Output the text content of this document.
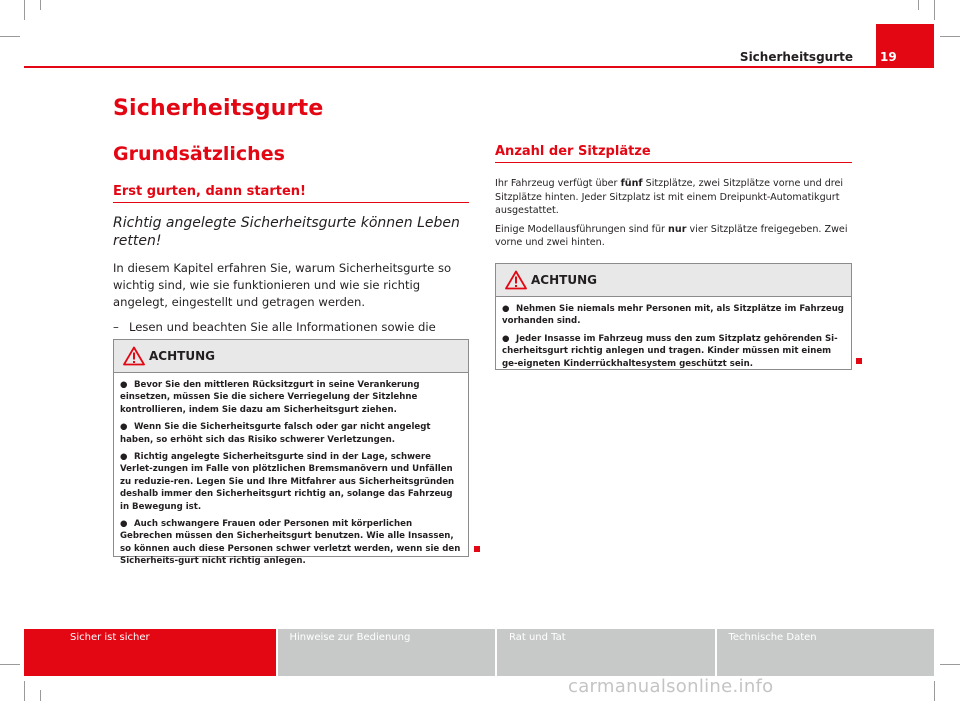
Sicherheitsgurte	19
Sicherheitsgurte
Grundsätzliches
Erst gurten, dann starten!
Richtig angelegte Sicherheitsgurte können Leben retten!
In diesem Kapitel erfahren Sie, warum Sicherheitsgurte so wichtig sind, wie sie funktionieren und wie sie richtig angelegt, eingestellt und getragen werden.
– Lesen und beachten Sie alle Informationen sowie die
ACHTUNG
● Bevor Sie den mittleren Rücksitzgurt in seine Verankerung einsetzen, müssen Sie die sichere Verriegelung der Sitzlehne kontrollieren, indem Sie dazu am Sicherheitsgurt ziehen.
● Wenn Sie die Sicherheitsgurte falsch oder gar nicht angelegt haben, so erhöht sich das Risiko schwerer Verletzungen.
● Richtig angelegte Sicherheitsgurte sind in der Lage, schwere Verlet-zungen im Falle von plötzlichen Bremsmanövern und Unfällen zu reduzie-ren. Legen Sie und Ihre Mitfahrer aus Sicherheitsgründen deshalb immer den Sicherheitsgurt richtig an, solange das Fahrzeug in Bewegung ist.
● Auch schwangere Frauen oder Personen mit körperlichen Gebrechen müssen den Sicherheitsgurt benutzen. Wie alle Insassen, so können auch diese Personen schwer verletzt werden, wenn sie den Sicherheits-gurt nicht richtig anlegen.
Anzahl der Sitzplätze
Ihr Fahrzeug verfügt über fünf Sitzplätze, zwei Sitzplätze vorne und drei Sitzplätze hinten. Jeder Sitzplatz ist mit einem Dreipunkt-Automatikgurt ausgestattet.
Einige Modellausführungen sind für nur vier Sitzplätze freigegeben. Zwei vorne und zwei hinten.
ACHTUNG
● Nehmen Sie niemals mehr Personen mit, als Sitzplätze im Fahrzeug vorhanden sind.
● Jeder Insasse im Fahrzeug muss den zum Sitzplatz gehörenden Si-cherheitsgurt richtig anlegen und tragen. Kinder müssen mit einem ge-eigneten Kinderrückhaltesystem geschützt sein.
Sicher ist sicher	Hinweise zur Bedienung	Rat und Tat	Technische Daten
carmanualsonline.info
